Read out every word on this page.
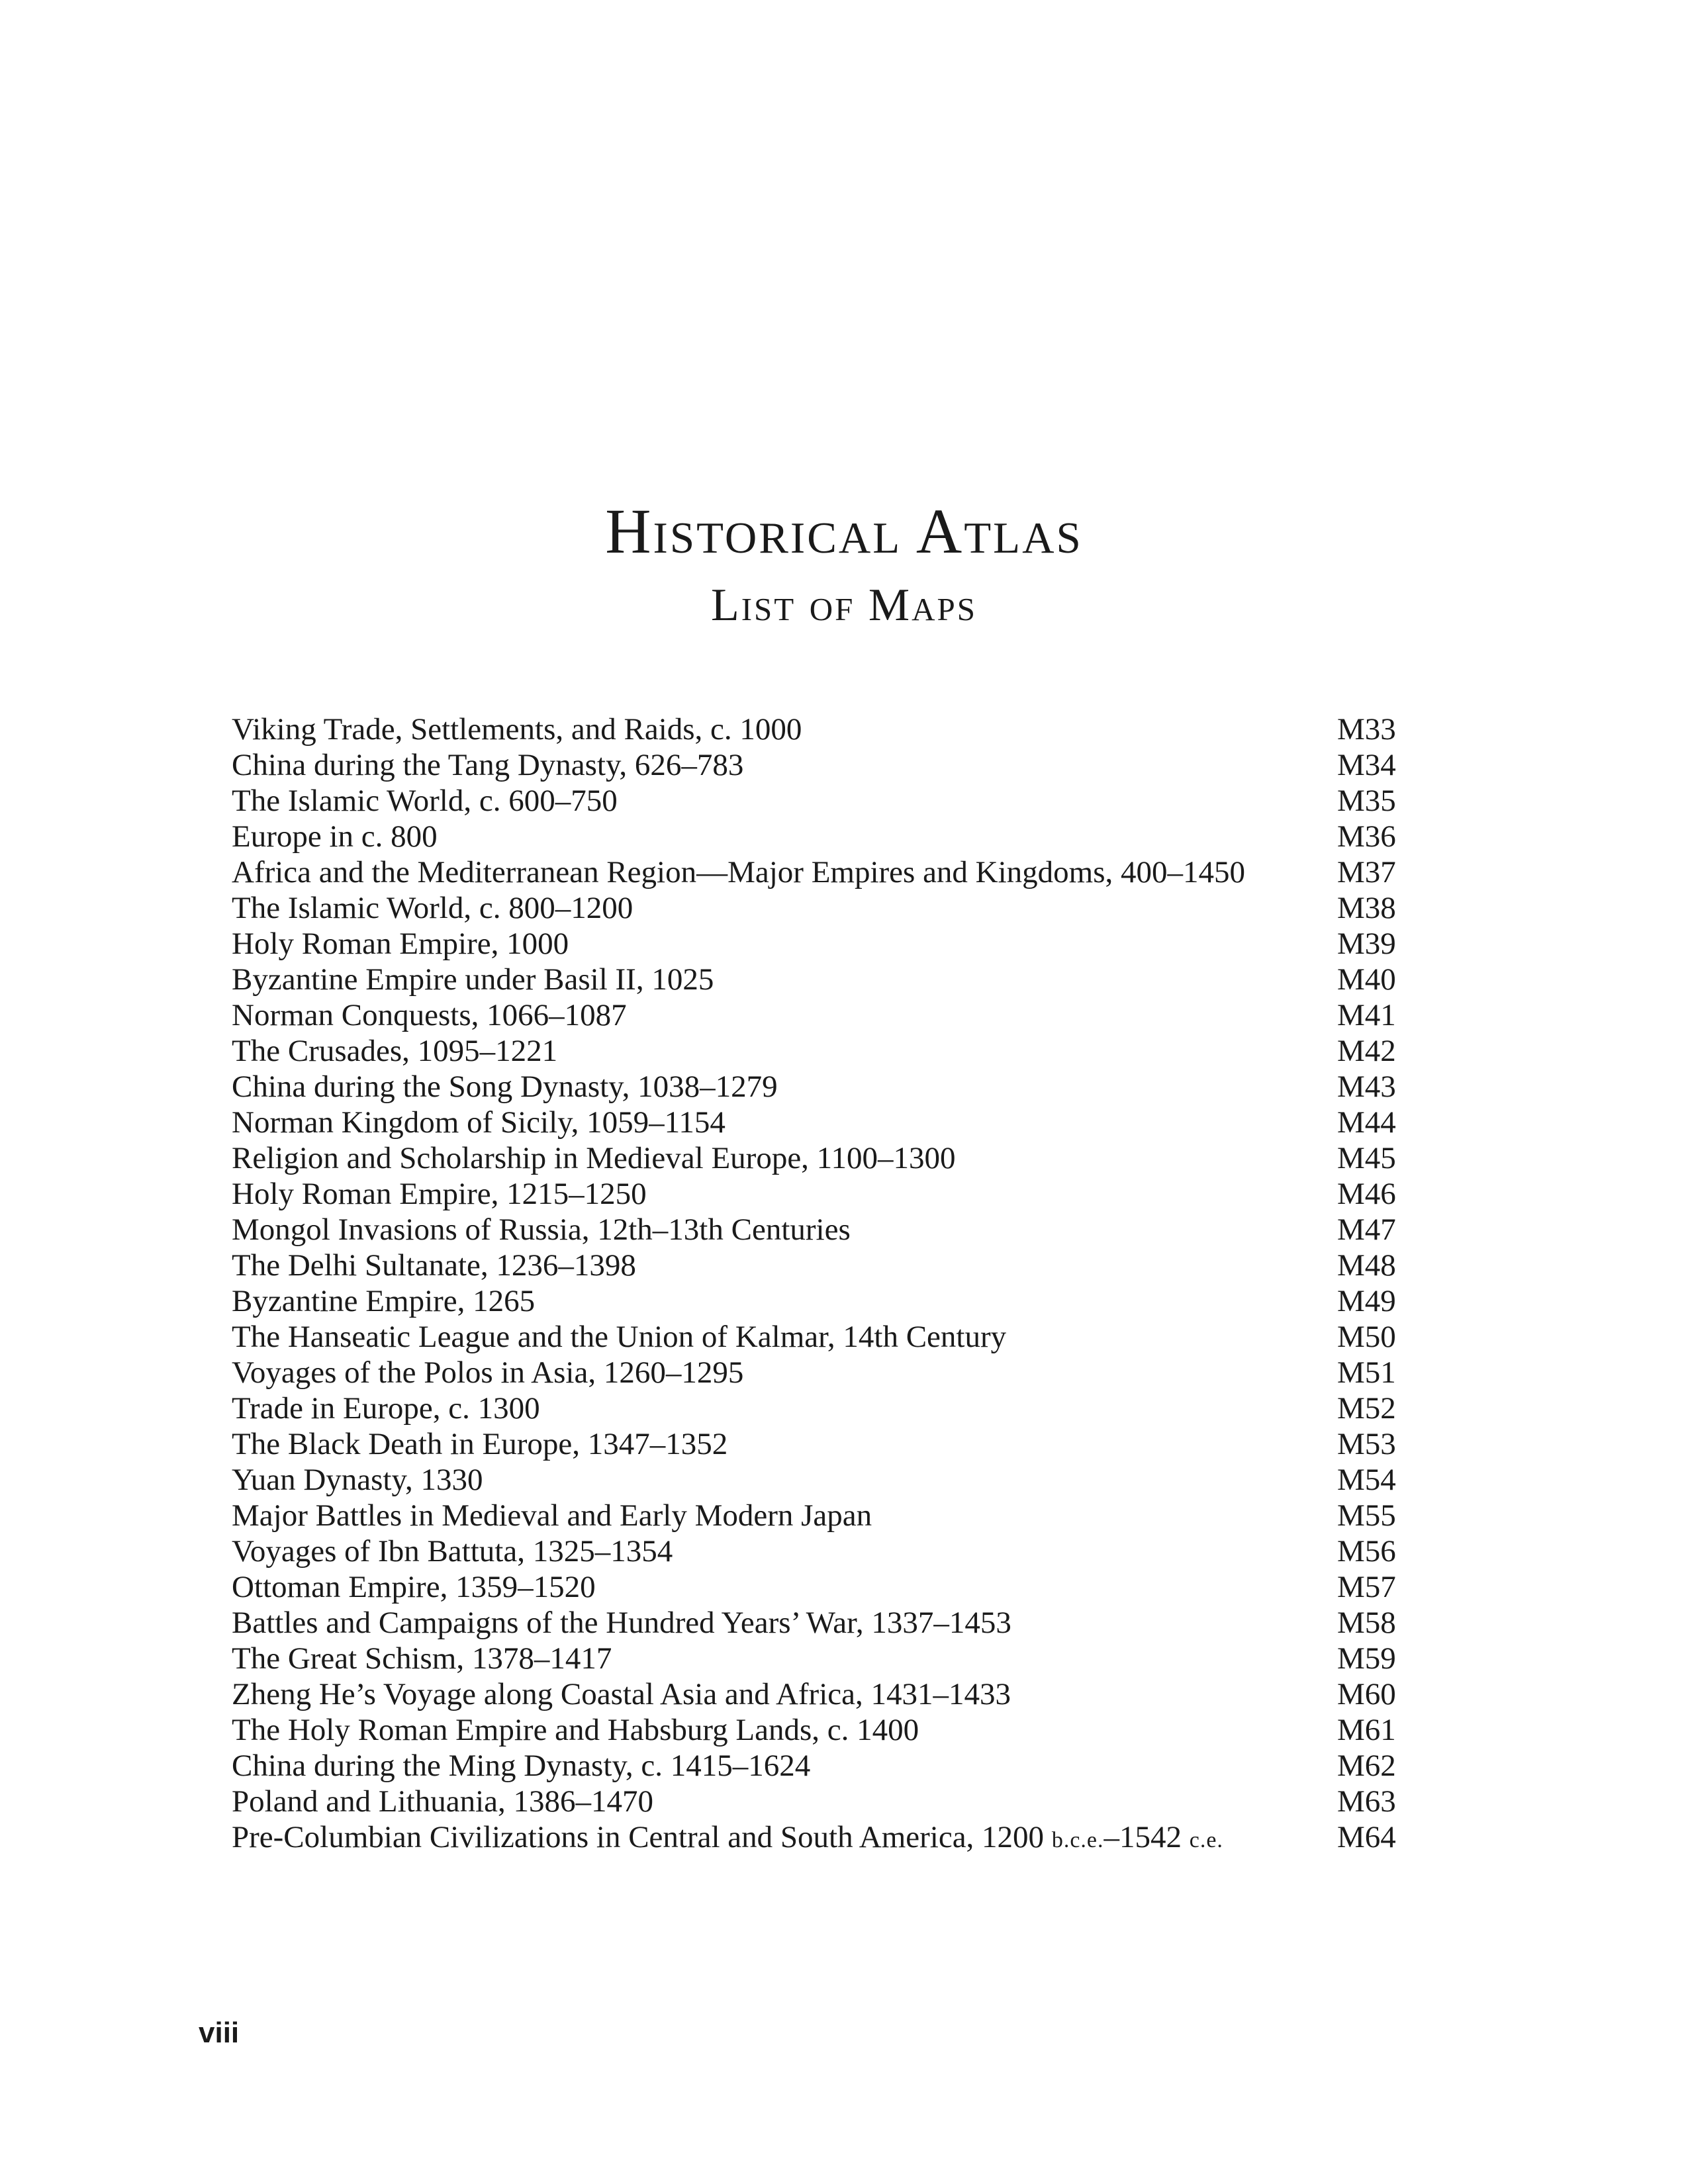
Historical Atlas
List of Maps
Viking Trade, Settlements, and Raids, c. 1000	M33
China during the Tang Dynasty, 626–783	M34
The Islamic World, c. 600–750	M35
Europe in c. 800	M36
Africa and the Mediterranean Region—Major Empires and Kingdoms, 400–1450	M37
The Islamic World, c. 800–1200	M38
Holy Roman Empire, 1000	M39
Byzantine Empire under Basil II, 1025	M40
Norman Conquests, 1066–1087	M41
The Crusades, 1095–1221	M42
China during the Song Dynasty, 1038–1279	M43
Norman Kingdom of Sicily, 1059–1154	M44
Religion and Scholarship in Medieval Europe, 1100–1300	M45
Holy Roman Empire, 1215–1250	M46
Mongol Invasions of Russia, 12th–13th Centuries	M47
The Delhi Sultanate, 1236–1398	M48
Byzantine Empire, 1265	M49
The Hanseatic League and the Union of Kalmar, 14th Century	M50
Voyages of the Polos in Asia, 1260–1295	M51
Trade in Europe, c. 1300	M52
The Black Death in Europe, 1347–1352	M53
Yuan Dynasty, 1330	M54
Major Battles in Medieval and Early Modern Japan	M55
Voyages of Ibn Battuta, 1325–1354	M56
Ottoman Empire, 1359–1520	M57
Battles and Campaigns of the Hundred Years’ War, 1337–1453	M58
The Great Schism, 1378–1417	M59
Zheng He’s Voyage along Coastal Asia and Africa, 1431–1433	M60
The Holy Roman Empire and Habsburg Lands, c. 1400	M61
China during the Ming Dynasty, c. 1415–1624	M62
Poland and Lithuania, 1386–1470	M63
Pre-Columbian Civilizations in Central and South America, 1200 b.c.e.–1542 c.e.	M64
viii
